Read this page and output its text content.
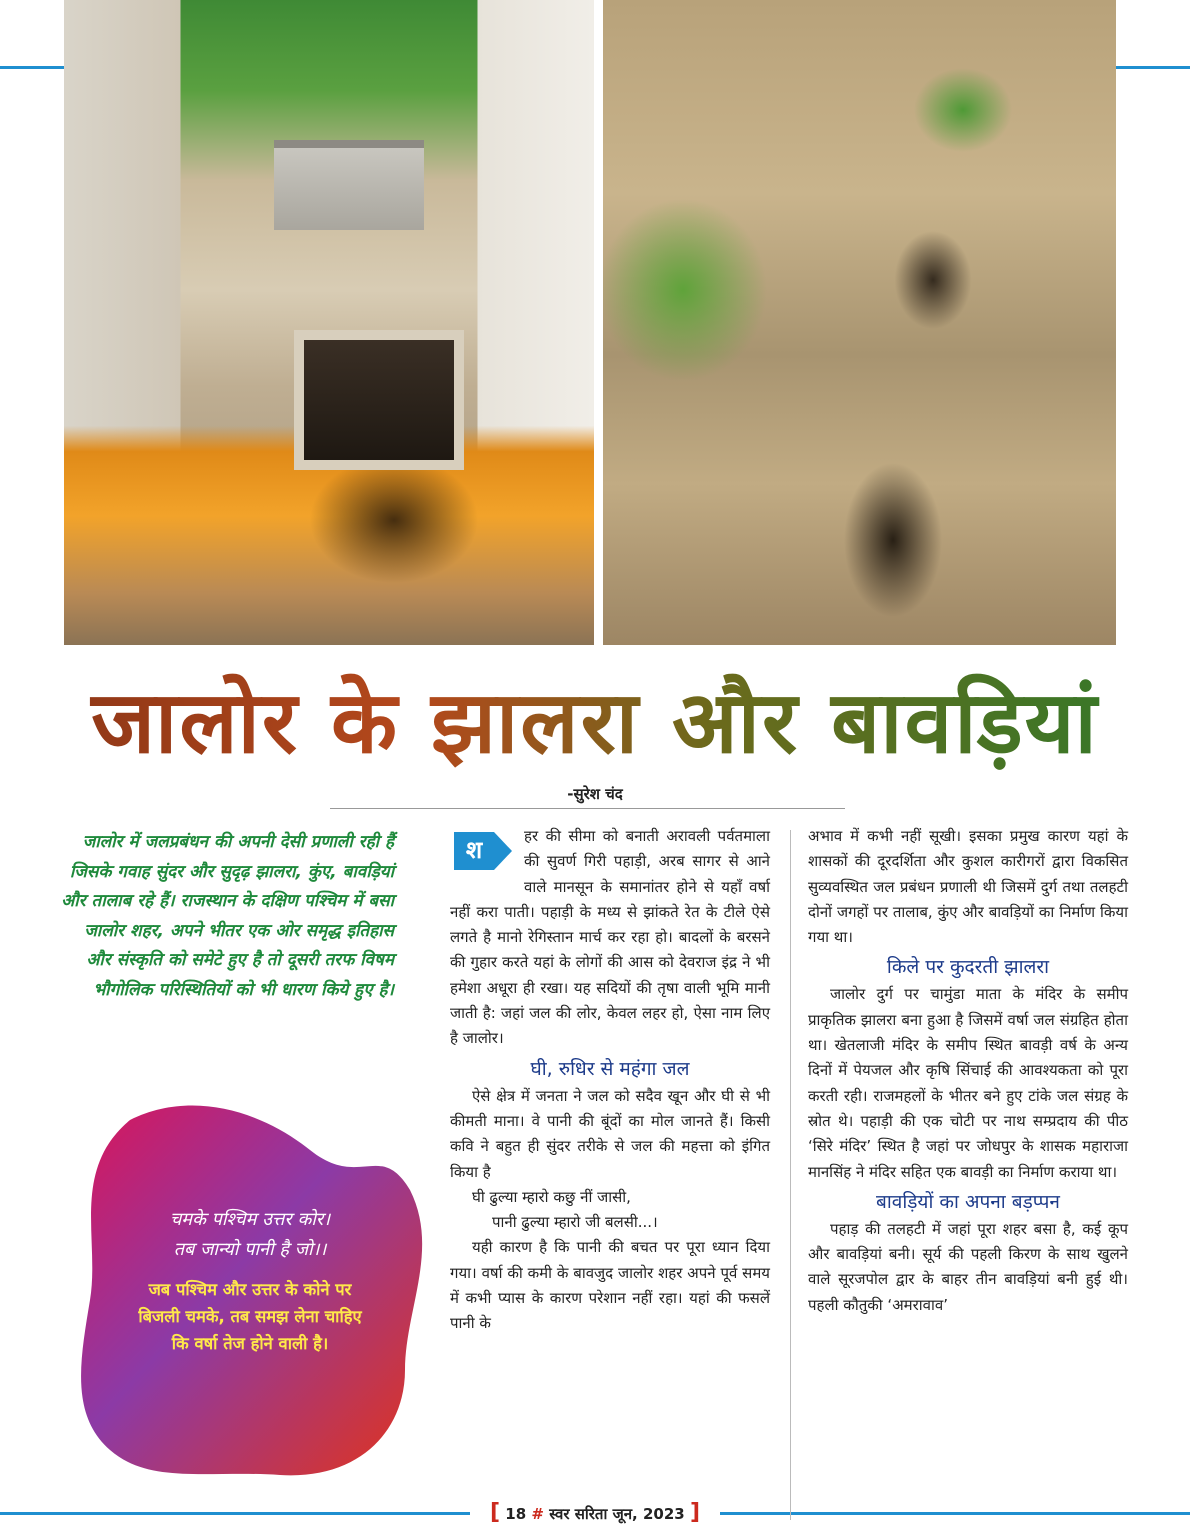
जालोर के झालरा और बावड़ियां
-सुरेश चंद
जालोर में जलप्रबंधन की अपनी देसी प्रणाली रही हैं जिसके गवाह सुंदर और सुदृढ़ झालरा, कुंए, बावड़ियां और तालाब रहे हैं। राजस्थान के दक्षिण पश्चिम में बसा जालोर शहर, अपने भीतर एक ओर समृद्ध इतिहास और संस्कृति को समेटे हुए है तो दूसरी तरफ विषम भौगोलिक परिस्थितियों को भी धारण किये हुए है।
चमके पश्चिम उत्तर कोर।
तब जान्यो पानी है जो।।
जब पश्चिम और उत्तर के कोने पर
बिजली चमके, तब समझ लेना चाहिए
कि वर्षा तेज होने वाली है।
श	हर की सीमा को बनाती अरावली पर्वतमाला की सुवर्ण गिरी पहाड़ी, अरब सागर से आने वाले मानसून के समानांतर होने से यहाँ वर्षा नहीं करा पाती। पहाड़ी के मध्य से झांकते रेत के टीले ऐसे लगते है मानो रेगिस्तान मार्च कर रहा हो। बादलों के बरसने की गुहार करते यहां के लोगों की आस को देवराज इंद्र ने भी हमेशा अधूरा ही रखा। यह सदियों की तृषा वाली भूमि मानी जाती है: जहां जल की लोर, केवल लहर हो, ऐसा नाम लिए है जालोर।

घी, रुधिर से महंगा जल

ऐसे क्षेत्र में जनता ने जल को सदैव खून और घी से भी कीमती माना। वे पानी की बूंदों का मोल जानते हैं। किसी कवि ने बहुत ही सुंदर तरीके से जल की महत्ता को इंगित किया है

घी ढुल्या म्हारो कछु नीं जासी,
पानी ढुल्या म्हारो जी बलसी...।

यही कारण है कि पानी की बचत पर पूरा ध्यान दिया गया। वर्षा की कमी के बावजुद जालोर शहर अपने पूर्व समय में कभी प्यास के कारण परेशान नहीं रहा। यहां की फसलें पानी के

अभाव में कभी नहीं सूखी। इसका प्रमुख कारण यहां के शासकों की दूरदर्शिता और कुशल कारीगरों द्वारा विकसित सुव्यवस्थित जल प्रबंधन प्रणाली थी जिसमें दुर्ग तथा तलहटी दोनों जगहों पर तालाब, कुंए और बावड़ियों का निर्माण किया गया था।

किले पर कुदरती झालरा

जालोर दुर्ग पर चामुंडा माता के मंदिर के समीप प्राकृतिक झालरा बना हुआ है जिसमें वर्षा जल संग्रहित होता था। खेतलाजी मंदिर के समीप स्थित बावड़ी वर्ष के अन्य दिनों में पेयजल और कृषि सिंचाई की आवश्यकता को पूरा करती रही। राजमहलों के भीतर बने हुए टांके जल संग्रह के स्रोत थे। पहाड़ी की एक चोटी पर नाथ सम्प्रदाय की पीठ ‘सिरे मंदिर’ स्थित है जहां पर जोधपुर के शासक महाराजा मानसिंह ने मंदिर सहित एक बावड़ी का निर्माण कराया था।

बावड़ियों का अपना बड़प्पन

पहाड़ की तलहटी में जहां पूरा शहर बसा है, कई कूप और बावड़ियां बनी। सूर्य की पहली किरण के साथ खुलने वाले सूरजपोल द्वार के बाहर तीन बावड़ियां बनी हुई थी। पहली कौतुकी ‘अमरावाव’

[ 18 # स्वर सरिता जून, 2023 ]
